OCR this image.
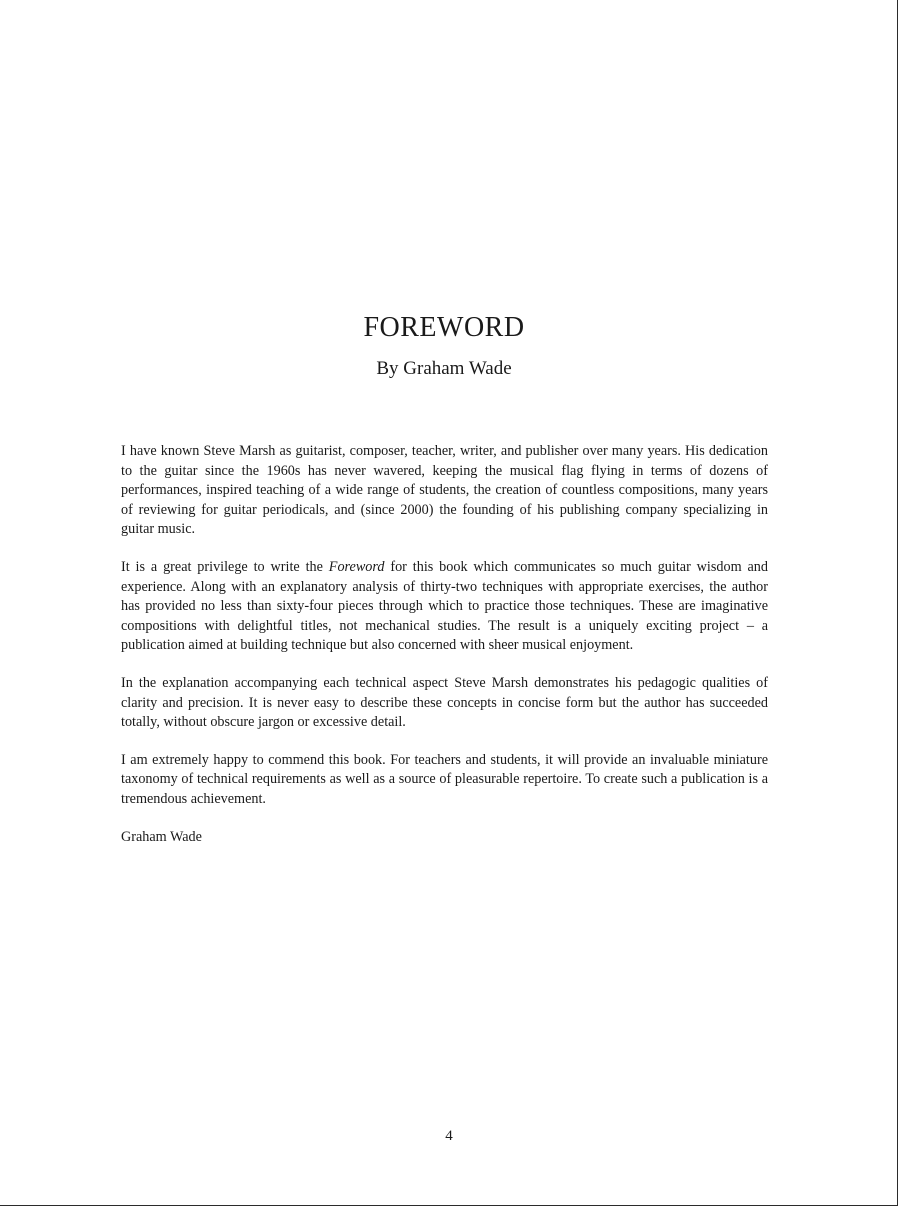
FOREWORD
By Graham Wade

I have known Steve Marsh as guitarist, composer, teacher, writer, and publisher over many years. His dedication to the guitar since the 1960s has never wavered, keeping the musical flag flying in terms of dozens of performances, inspired teaching of a wide range of students, the creation of countless compositions, many years of reviewing for guitar periodicals, and (since 2000) the founding of his publishing company specializing in guitar music.

It is a great privilege to write the Foreword for this book which communicates so much guitar wisdom and experience. Along with an explanatory analysis of thirty-two techniques with appropriate exercises, the author has provided no less than sixty-four pieces through which to practice those techniques. These are imaginative compositions with delightful titles, not mechanical studies. The result is a uniquely exciting project – a publication aimed at building technique but also concerned with sheer musical enjoyment.

In the explanation accompanying each technical aspect Steve Marsh demonstrates his pedagogic qualities of clarity and precision. It is never easy to describe these concepts in concise form but the author has succeeded totally, without obscure jargon or excessive detail.

I am extremely happy to commend this book. For teachers and students, it will provide an invaluable miniature taxonomy of technical requirements as well as a source of pleasurable repertoire. To create such a publication is a tremendous achievement.

Graham Wade

4
